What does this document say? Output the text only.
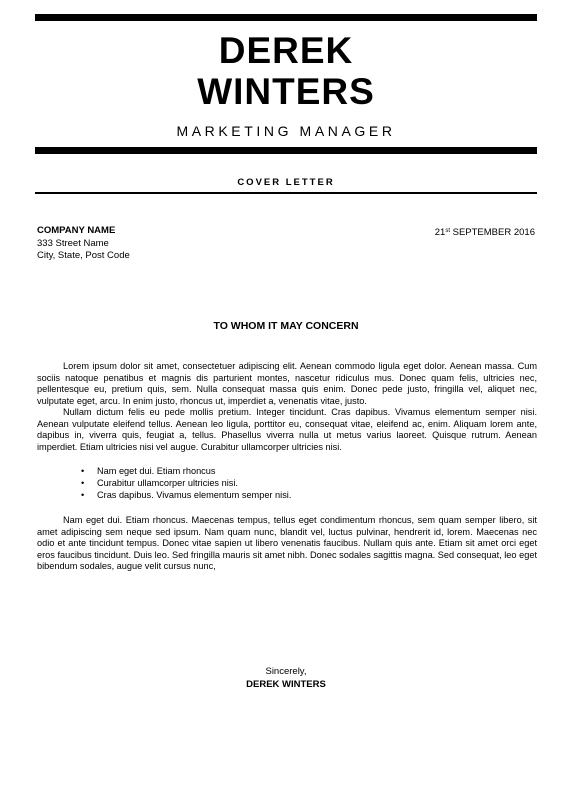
DEREK
WINTERS
MARKETING MANAGER
COVER LETTER
COMPANY NAME
333 Street Name
City, State, Post Code
21st SEPTEMBER 2016
TO WHOM IT MAY CONCERN

Lorem ipsum dolor sit amet, consectetuer adipiscing elit. Aenean commodo ligula eget dolor. Aenean massa. Cum sociis natoque penatibus et magnis dis parturient montes, nascetur ridiculus mus. Donec quam felis, ultricies nec, pellentesque eu, pretium quis, sem. Nulla consequat massa quis enim. Donec pede justo, fringilla vel, aliquet nec, vulputate eget, arcu. In enim justo, rhoncus ut, imperdiet a, venenatis vitae, justo.

Nullam dictum felis eu pede mollis pretium. Integer tincidunt. Cras dapibus. Vivamus elementum semper nisi. Aenean vulputate eleifend tellus. Aenean leo ligula, porttitor eu, consequat vitae, eleifend ac, enim. Aliquam lorem ante, dapibus in, viverra quis, feugiat a, tellus. Phasellus viverra nulla ut metus varius laoreet. Quisque rutrum. Aenean imperdiet. Etiam ultricies nisi vel augue. Curabitur ullamcorper ultricies nisi.

• Nam eget dui. Etiam rhoncus
• Curabitur ullamcorper ultricies nisi.
• Cras dapibus. Vivamus elementum semper nisi.

Nam eget dui. Etiam rhoncus. Maecenas tempus, tellus eget condimentum rhoncus, sem quam semper libero, sit amet adipiscing sem neque sed ipsum. Nam quam nunc, blandit vel, luctus pulvinar, hendrerit id, lorem. Maecenas nec odio et ante tincidunt tempus. Donec vitae sapien ut libero venenatis faucibus. Nullam quis ante. Etiam sit amet orci eget eros faucibus tincidunt. Duis leo. Sed fringilla mauris sit amet nibh. Donec sodales sagittis magna. Sed consequat, leo eget bibendum sodales, augue velit cursus nunc,

Sincerely,
DEREK WINTERS
